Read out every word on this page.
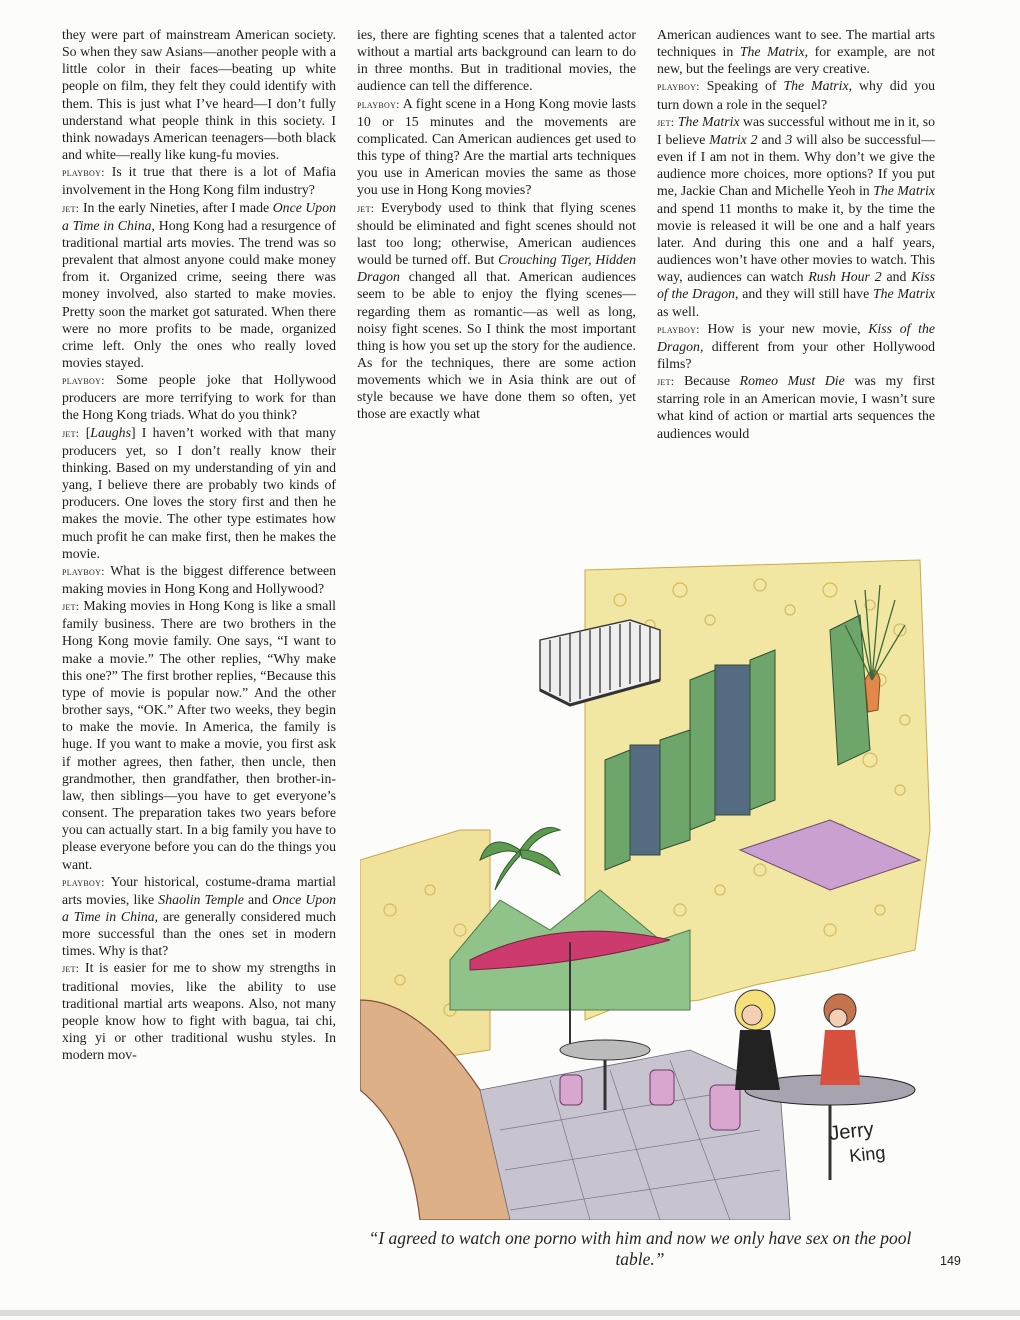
they were part of mainstream American society. So when they saw Asians—another people with a little color in their faces—beating up white people on film, they felt they could identify with them. This is just what I’ve heard—I don’t fully understand what people think in this society. I think nowadays American teenagers—both black and white—really like kung-fu movies.

playboy: Is it true that there is a lot of Mafia involvement in the Hong Kong film industry?

jet: In the early Nineties, after I made Once Upon a Time in China, Hong Kong had a resurgence of traditional martial arts movies. The trend was so prevalent that almost anyone could make money from it. Organized crime, seeing there was money involved, also started to make movies. Pretty soon the market got saturated. When there were no more profits to be made, organized crime left. Only the ones who really loved movies stayed.

playboy: Some people joke that Hollywood producers are more terrifying to work for than the Hong Kong triads. What do you think?

jet: [Laughs] I haven’t worked with that many producers yet, so I don’t really know their thinking. Based on my understanding of yin and yang, I believe there are probably two kinds of producers. One loves the story first and then he makes the movie. The other type estimates how much profit he can make first, then he makes the movie.

playboy: What is the biggest difference between making movies in Hong Kong and Hollywood?

jet: Making movies in Hong Kong is like a small family business. There are two brothers in the Hong Kong movie family. One says, “I want to make a movie.” The other replies, “Why make this one?” The first brother replies, “Because this type of movie is popular now.” And the other brother says, “OK.” After two weeks, they begin to make the movie. In America, the family is huge. If you want to make a movie, you first ask if mother agrees, then father, then uncle, then grandmother, then grandfather, then brother-in-law, then siblings—you have to get everyone’s consent. The preparation takes two years before you can actually start. In a big family you have to please everyone before you can do the things you want.

playboy: Your historical, costume-drama martial arts movies, like Shaolin Temple and Once Upon a Time in China, are generally considered much more successful than the ones set in modern times. Why is that?

jet: It is easier for me to show my strengths in traditional movies, like the ability to use traditional martial arts weapons. Also, not many people know how to fight with bagua, tai chi, xing yi or other traditional wushu styles. In modern mov-

ies, there are fighting scenes that a talented actor without a martial arts background can learn to do in three months. But in traditional movies, the audience can tell the difference.

playboy: A fight scene in a Hong Kong movie lasts 10 or 15 minutes and the movements are complicated. Can American audiences get used to this type of thing? Are the martial arts techniques you use in American movies the same as those you use in Hong Kong movies?

jet: Everybody used to think that flying scenes should be eliminated and fight scenes should not last too long; otherwise, American audiences would be turned off. But Crouching Tiger, Hidden Dragon changed all that. American audiences seem to be able to enjoy the flying scenes—regarding them as romantic—as well as long, noisy fight scenes. So I think the most important thing is how you set up the story for the audience. As for the techniques, there are some action movements which we in Asia think are out of style because we have done them so often, yet those are exactly what

American audiences want to see. The martial arts techniques in The Matrix, for example, are not new, but the feelings are very creative.

playboy: Speaking of The Matrix, why did you turn down a role in the sequel?

jet: The Matrix was successful without me in it, so I believe Matrix 2 and 3 will also be successful—even if I am not in them. Why don’t we give the audience more choices, more options? If you put me, Jackie Chan and Michelle Yeoh in The Matrix and spend 11 months to make it, by the time the movie is released it will be one and a half years later. And during this one and a half years, audiences won’t have other movies to watch. This way, audiences can watch Rush Hour 2 and Kiss of the Dragon, and they will still have The Matrix as well.

playboy: How is your new movie, Kiss of the Dragon, different from your other Hollywood films?

jet: Because Romeo Must Die was my first starring role in an American movie, I wasn’t sure what kind of action or martial arts sequences the audiences would

Jerry
King
“I agreed to watch one porno with him and now we only have sex on the pool table.”	149
